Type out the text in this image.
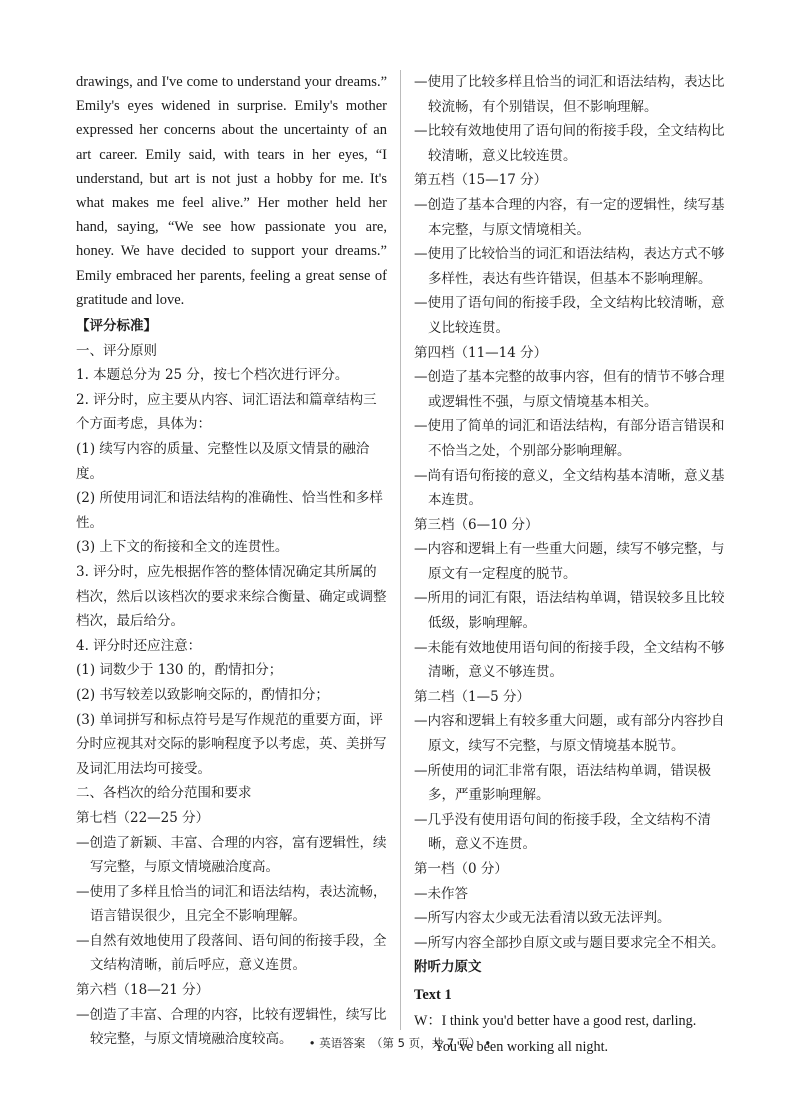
drawings, and I've come to understand your dreams.” Emily's eyes widened in surprise. Emily's mother expressed her concerns about the uncertainty of an art career. Emily said, with tears in her eyes, “I understand, but art is not just a hobby for me. It's what makes me feel alive.” Her mother held her hand, saying, “We see how passionate you are, honey. We have decided to support your dreams.” Emily embraced her parents, feeling a great sense of gratitude and love.

【评分标准】

一、评分原则

1. 本题总分为 25 分，按七个档次进行评分。

2. 评分时，应主要从内容、词汇语法和篇章结构三个方面考虑，具体为：

(1) 续写内容的质量、完整性以及原文情景的融洽度。

(2) 所使用词汇和语法结构的准确性、恰当性和多样性。

(3) 上下文的衔接和全文的连贯性。

3. 评分时，应先根据作答的整体情况确定其所属的档次，然后以该档次的要求来综合衡量、确定或调整档次，最后给分。

4. 评分时还应注意：

(1) 词数少于 130 的，酌情扣分；

(2) 书写较差以致影响交际的，酌情扣分；

(3) 单词拼写和标点符号是写作规范的重要方面，评分时应视其对交际的影响程度予以考虑，英、美拼写及词汇用法均可接受。

二、各档次的给分范围和要求

第七档（22—25 分）

—创造了新颖、丰富、合理的内容，富有逻辑性，续写完整，与原文情境融洽度高。

—使用了多样且恰当的词汇和语法结构，表达流畅，语言错误很少，且完全不影响理解。

—自然有效地使用了段落间、语句间的衔接手段，全文结构清晰，前后呼应，意义连贯。

第六档（18—21 分）

—创造了丰富、合理的内容，比较有逻辑性，续写比较完整，与原文情境融洽度较高。

—使用了比较多样且恰当的词汇和语法结构，表达比较流畅，有个别错误，但不影响理解。

—比较有效地使用了语句间的衔接手段，全文结构比较清晰，意义比较连贯。

第五档（15—17 分）

—创造了基本合理的内容，有一定的逻辑性，续写基本完整，与原文情境相关。

—使用了比较恰当的词汇和语法结构，表达方式不够多样性，表达有些许错误，但基本不影响理解。

—使用了语句间的衔接手段，全文结构比较清晰，意义比较连贯。

第四档（11—14 分）

—创造了基本完整的故事内容，但有的情节不够合理或逻辑性不强，与原文情境基本相关。

—使用了简单的词汇和语法结构，有部分语言错误和不恰当之处，个别部分影响理解。

—尚有语句衔接的意义，全文结构基本清晰，意义基本连贯。

第三档（6—10 分）

—内容和逻辑上有一些重大问题，续写不够完整，与原文有一定程度的脱节。

—所用的词汇有限，语法结构单调，错误较多且比较低级，影响理解。

—未能有效地使用语句间的衔接手段，全文结构不够清晰，意义不够连贯。

第二档（1—5 分）

—内容和逻辑上有较多重大问题，或有部分内容抄自原文，续写不完整，与原文情境基本脱节。

—所使用的词汇非常有限，语法结构单调，错误极多，严重影响理解。

—几乎没有使用语句间的衔接手段，全文结构不清晰，意义不连贯。

第一档（0 分）

—未作答

—所写内容太少或无法看清以致无法评判。

—所写内容全部抄自原文或与题目要求完全不相关。

附听力原文

Text 1

W：I think you'd better have a good rest, darling.

You've been working all night.

• 英语答案　（第 5 页，共 7 页） •
